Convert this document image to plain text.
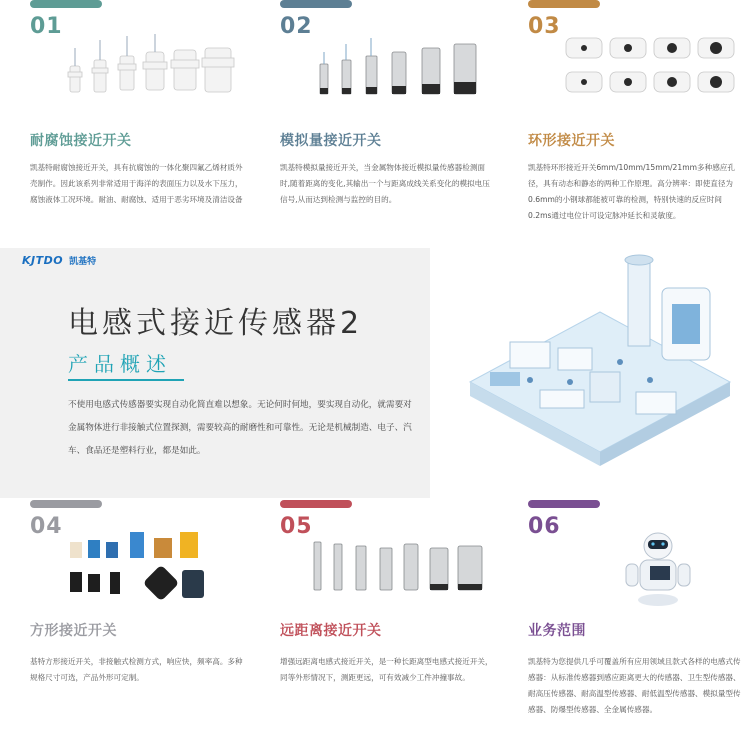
01
耐腐蚀接近开关
凯基特耐腐蚀接近开关，具有抗腐蚀的一体化聚四氟乙烯材质外壳制作。因此该系列非常适用于海洋的表面压力以及水下压力，腐蚀液体工况环境。耐油、耐腐蚀、适用于恶劣环境及清洁设备
02
模拟量接近开关
凯基特模拟量接近开关，当金属物体接近模拟量传感器检测面时,随着距离的变化,其输出一个与距离成线关系变化的模拟电压信号,从而达到检测与监控的目的。
03
环形接近开关
凯基特环形接近开关6mm/10mm/15mm/21mm多种感应孔径，具有动态和静态的两种工作原理。高分辨率：即使直径为0.6mm的小钢球都能被可靠的检测，特别快速的反应时间0.2ms通过电位计可设定脉冲延长和灵敏度。
KJTDO 凯基特
电感式接近传感器2
产品概述
不使用电感式传感器要实现自动化简直难以想象。无论何时何地，要实现自动化，就需要对金属物体进行非接触式位置探测，需要较高的耐磨性和可靠性。无论是机械制造、电子、汽车、食品还是塑料行业，都是如此。
04
方形接近开关
基特方形接近开关，非接触式检测方式，响应快，频率高。多种规格尺寸可选，产品外形可定制。
05
远距离接近开关
增强远距离电感式接近开关，是一种长距离型电感式接近开关，同等外形情况下，测距更远，可有效减少工件冲撞事故。
06
业务范围
凯基特为您提供几乎可覆盖所有应用领域且款式各样的电感式传感器：从标准传感器到感应距离更大的传感器、卫生型传感器、耐高压传感器、耐高温型传感器、耐低温型传感器、模拟量型传感器、防爆型传感器、全金属传感器。
